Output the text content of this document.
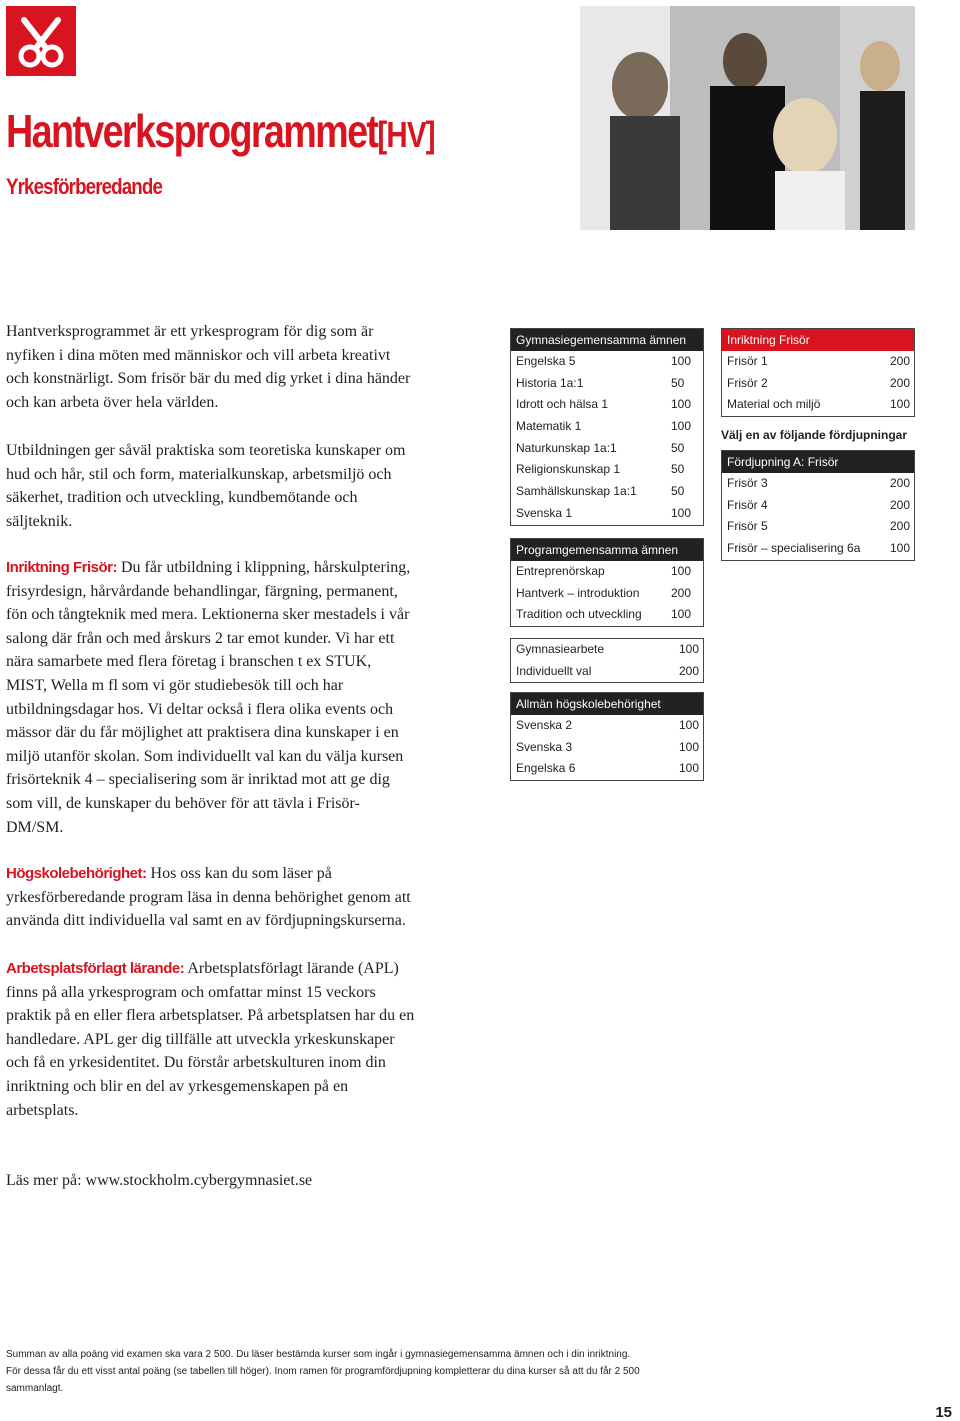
Hantverksprogrammet[HV]
Yrkesförberedande

Hantverksprogrammet är ett yrkesprogram för dig som är nyfiken i dina möten med människor och vill arbeta kreativt och konstnärligt. Som frisör bär du med dig yrket i dina händer och kan arbeta över hela världen.

Utbildningen ger såväl praktiska som teoretiska kunskaper om hud och hår, stil och form, materialkunskap, arbetsmiljö och säkerhet, tradition och utveckling, kundbemötande och säljteknik.

Inriktning Frisör: Du får utbildning i klippning, hårskulptering, frisyrdesign, hårvårdande behandlingar, färgning, permanent, fön och tångteknik med mera. Lektionerna sker mestadels i vår salong där från och med årskurs 2 tar emot kunder. Vi har ett nära samarbete med flera företag i branschen t ex STUK, MIST, Wella m fl som vi gör studiebesök till och har utbildningsdagar hos. Vi deltar också i flera olika events och mässor där du får möjlighet att praktisera dina kunskaper i en miljö utanför skolan. Som individuellt val kan du välja kursen frisörteknik 4 – specialisering som är inriktad mot att ge dig som vill, de kunskaper du behöver för att tävla i Frisör-DM/SM.

Högskolebehörighet: Hos oss kan du som läser på yrkesförberedande program läsa in denna behörighet genom att använda ditt individuella val samt en av fördjupningskurserna.

Arbetsplatsförlagt lärande: Arbetsplatsförlagt lärande (APL) finns på alla yrkesprogram och omfattar minst 15 veckors praktik på en eller flera arbetsplatser. På arbetsplatsen har du en handledare. APL ger dig tillfälle att utveckla yrkeskunskaper och få en yrkesidentitet. Du förstår arbetskulturen inom din inriktning och blir en del av yrkesgemenskapen på en arbetsplats.

Läs mer på: www.stockholm.cybergymnasiet.se

Gymnasiegemensamma ämnen
Engelska 5	100
Historia 1a:1	50
Idrott och hälsa 1	100
Matematik 1	100
Naturkunskap 1a:1	50
Religionskunskap 1	50
Samhällskunskap 1a:1	50
Svenska 1	100
Programgemensamma ämnen
Entreprenörskap	100
Hantverk – introduktion	200
Tradition och utveckling 100
Gymnasiearbete	100
Individuellt val	200
Allmän högskolebehörighet
Svenska 2	100
Svenska 3	100
Engelska 6	100
Inriktning Frisör
Frisör 1	200
Frisör 2	200
Material och miljö	100
Välj en av följande fördjupningar
Fördjupning A: Frisör
Frisör 3	200
Frisör 4	200
Frisör 5	200
Frisör – specialisering 6a 100
Summan av alla poäng vid examen ska vara 2 500. Du läser bestämda kurser som ingår i gymnasiegemensamma ämnen och i din inriktning. För dessa får du ett visst antal poäng (se tabellen till höger). Inom ramen för programfördjupning kompletterar du dina kurser så att du får 2 500 sammanlagt.
15
